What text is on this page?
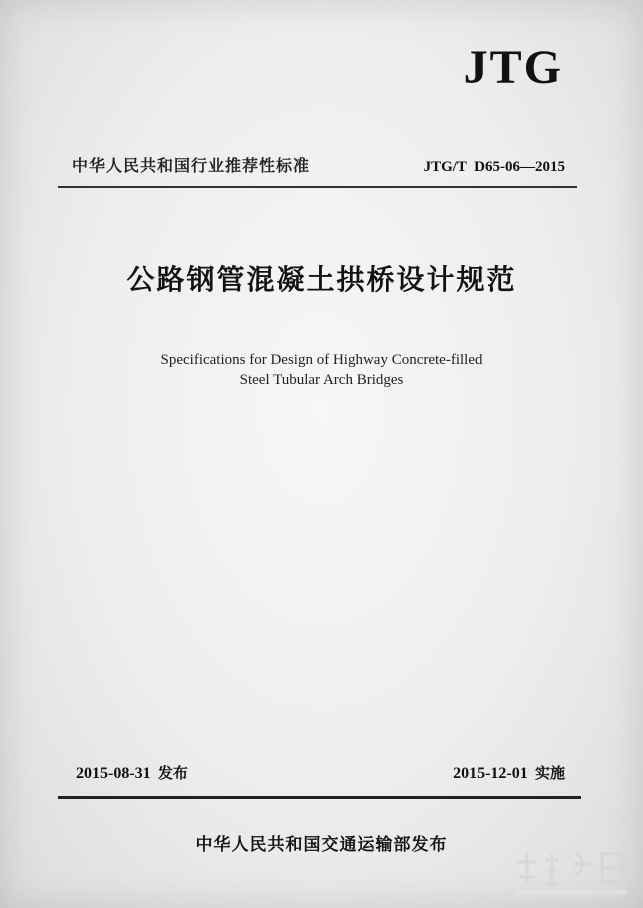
JTG
中华人民共和国行业推荐性标准	JTG/T  D65-06—2015
公路钢管混凝土拱桥设计规范
Specifications for Design of Highway Concrete-filled
Steel Tubular Arch Bridges
2015-08-31 发布	2015-12-01 实施
中华人民共和国交通运输部发布
